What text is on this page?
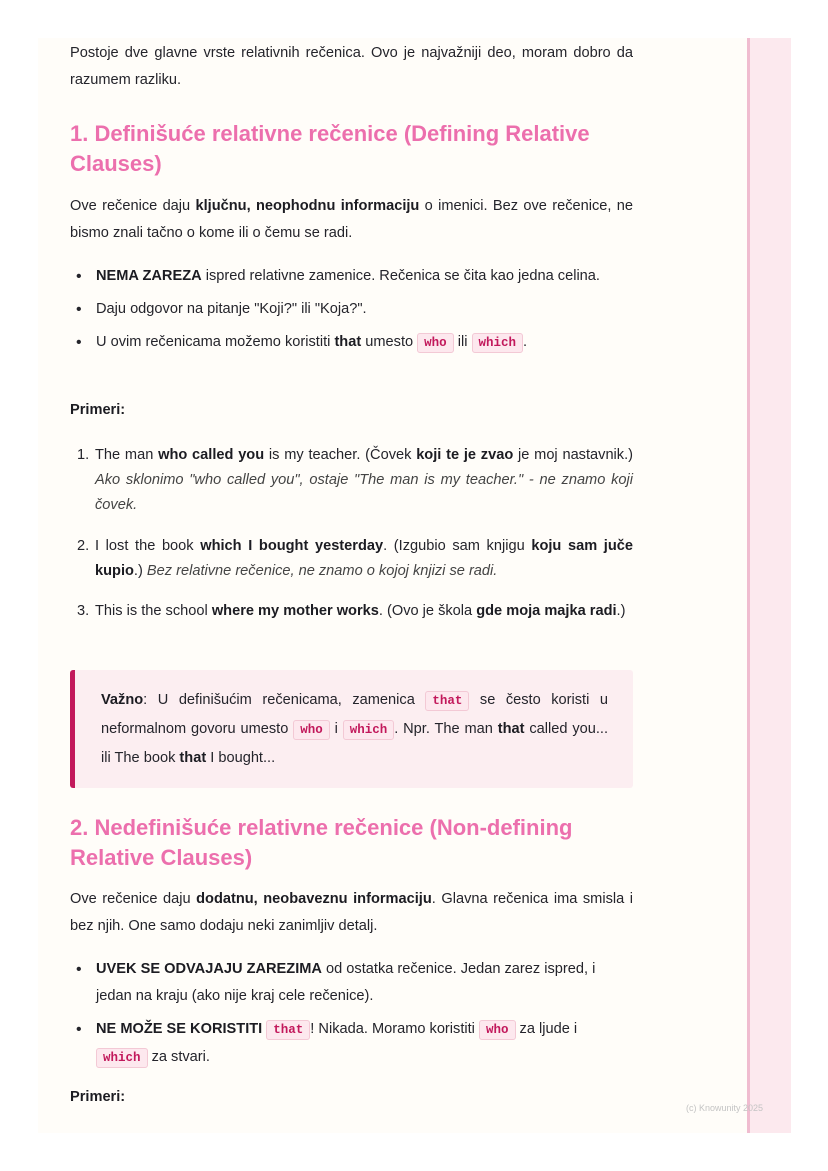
Postoje dve glavne vrste relativnih rečenica. Ovo je najvažniji deo, moram dobro da razumem razliku.

1. Definišuće relativne rečenice (Defining Relative Clauses)

Ove rečenice daju ključnu, neophodnu informaciju o imenici. Bez ove rečenice, ne bismo znali tačno o kome ili o čemu se radi.

• NEMA ZAREZA ispred relativne zamenice. Rečenica se čita kao jedna celina.
• Daju odgovor na pitanje "Koji?" ili "Koja?".
• U ovim rečenicama možemo koristiti that umesto who ili which .

Primeri:

1. The man who called you is my teacher. (Čovek koji te je zvao je moj nastavnik.) Ako sklonimo "who called you", ostaje "The man is my teacher." - ne znamo koji čovek.
2. I lost the book which I bought yesterday. (Izgubio sam knjigu koju sam juče kupio.) Bez relativne rečenice, ne znamo o kojoj knjizi se radi.
3. This is the school where my mother works. (Ovo je škola gde moja majka radi.)

Važno: U definišućim rečenicama, zamenica that se često koristi u neformalnom govoru umesto who i which . Npr. The man that called you... ili The book that I bought...

2. Nedefinišuće relativne rečenice (Non-defining Relative Clauses)

Ove rečenice daju dodatnu, neobaveznu informaciju. Glavna rečenica ima smisla i bez njih. One samo dodaju neki zanimljiv detalj.

• UVEK SE ODVAJAJU ZAREZIMA od ostatka rečenice. Jedan zarez ispred, i jedan na kraju (ako nije kraj cele rečenice).
• NE MOŽE SE KORISTITI that ! Nikada. Moramo koristiti who za ljude i which za stvari.

Primeri:

(c) Knowunity 2025
